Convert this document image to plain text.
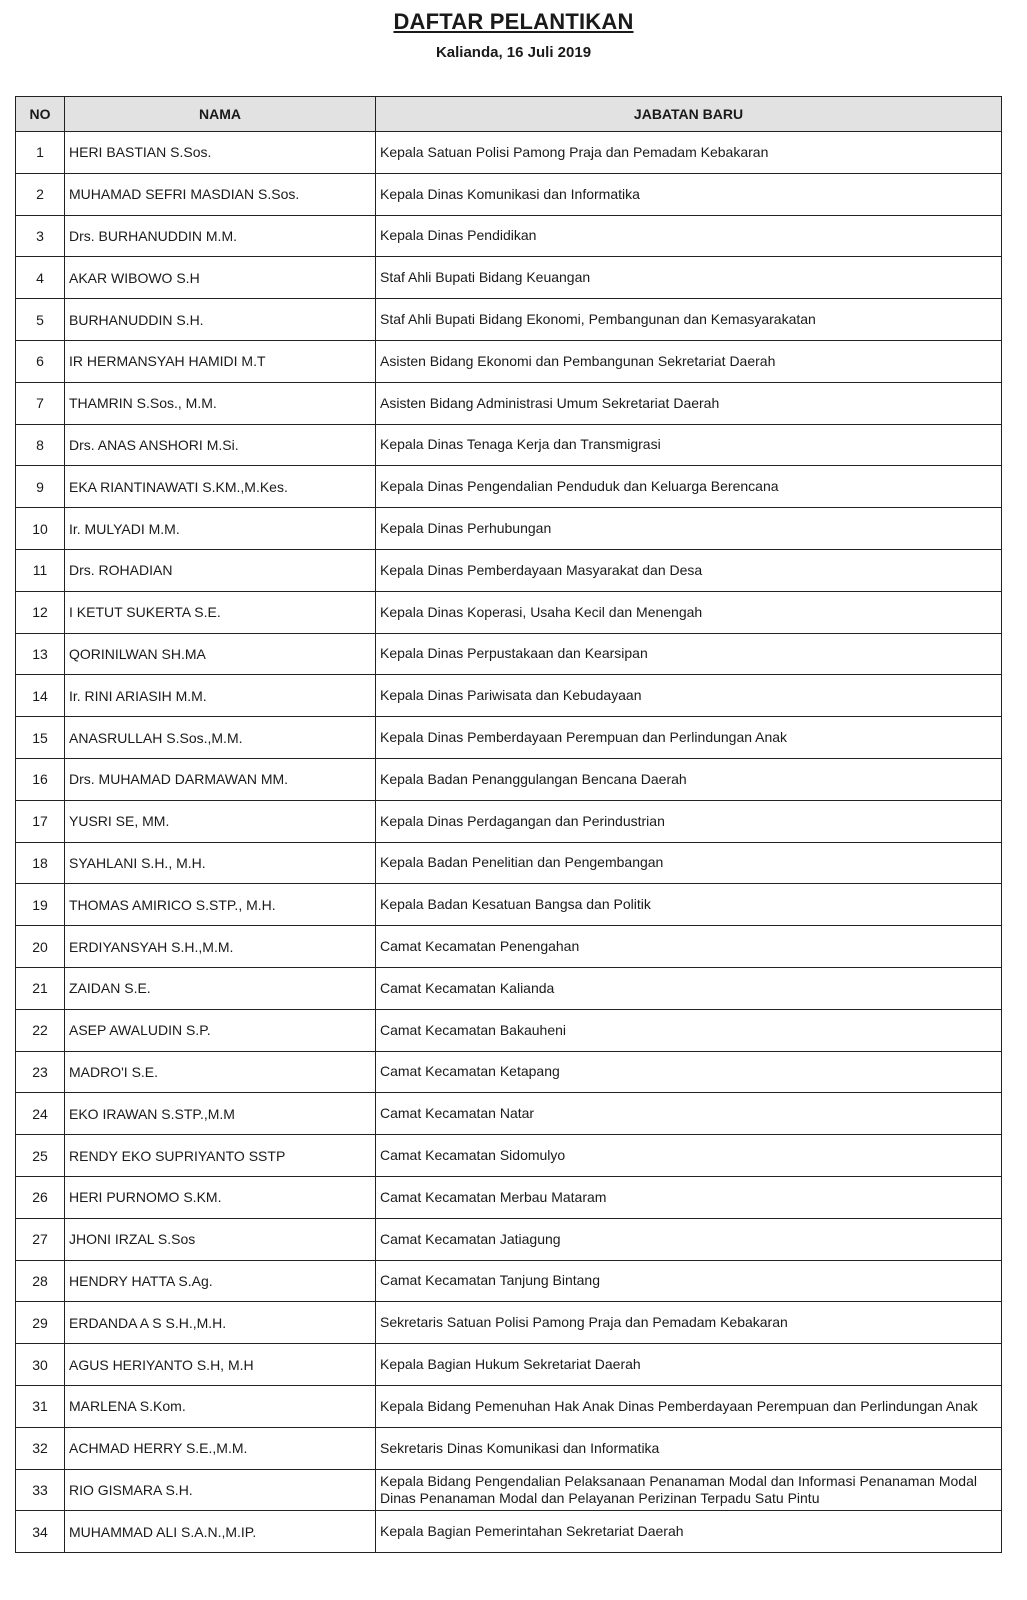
DAFTAR PELANTIKAN
Kalianda, 16 Juli 2019
NO	NAMA	JABATAN BARU
1	HERI BASTIAN S.Sos.	Kepala Satuan Polisi Pamong Praja dan Pemadam Kebakaran
2	MUHAMAD SEFRI MASDIAN S.Sos.	Kepala Dinas Komunikasi dan Informatika
3	Drs. BURHANUDDIN M.M.	Kepala Dinas Pendidikan
4	AKAR WIBOWO S.H	Staf Ahli Bupati Bidang Keuangan
5	BURHANUDDIN S.H.	Staf Ahli Bupati Bidang Ekonomi, Pembangunan dan Kemasyarakatan
6	IR HERMANSYAH HAMIDI M.T	Asisten Bidang Ekonomi dan Pembangunan Sekretariat Daerah
7	THAMRIN S.Sos., M.M.	Asisten Bidang Administrasi Umum Sekretariat Daerah
8	Drs. ANAS ANSHORI M.Si.	Kepala Dinas Tenaga Kerja dan Transmigrasi
9	EKA RIANTINAWATI S.KM.,M.Kes.	Kepala Dinas Pengendalian Penduduk dan Keluarga Berencana
10	Ir. MULYADI M.M.	Kepala Dinas Perhubungan
11	Drs. ROHADIAN	Kepala Dinas Pemberdayaan Masyarakat dan Desa
12	I KETUT SUKERTA S.E.	Kepala Dinas Koperasi, Usaha Kecil dan Menengah
13	QORINILWAN SH.MA	Kepala Dinas Perpustakaan dan Kearsipan
14	Ir. RINI ARIASIH M.M.	Kepala Dinas Pariwisata dan Kebudayaan
15	ANASRULLAH S.Sos.,M.M.	Kepala Dinas Pemberdayaan Perempuan dan Perlindungan Anak
16	Drs. MUHAMAD DARMAWAN MM.	Kepala Badan Penanggulangan Bencana Daerah
17	YUSRI SE, MM.	Kepala Dinas Perdagangan dan Perindustrian
18	SYAHLANI S.H., M.H.	Kepala Badan Penelitian dan Pengembangan
19	THOMAS AMIRICO S.STP., M.H.	Kepala Badan Kesatuan Bangsa dan Politik
20	ERDIYANSYAH S.H.,M.M.	Camat Kecamatan Penengahan
21	ZAIDAN S.E.	Camat Kecamatan Kalianda
22	ASEP AWALUDIN S.P.	Camat Kecamatan Bakauheni
23	MADRO'I S.E.	Camat Kecamatan Ketapang
24	EKO IRAWAN S.STP.,M.M	Camat Kecamatan Natar
25	RENDY EKO SUPRIYANTO SSTP	Camat Kecamatan Sidomulyo
26	HERI PURNOMO S.KM.	Camat Kecamatan Merbau Mataram
27	JHONI IRZAL S.Sos	Camat Kecamatan Jatiagung
28	HENDRY HATTA S.Ag.	Camat Kecamatan Tanjung Bintang
29	ERDANDA A S S.H.,M.H.	Sekretaris Satuan Polisi Pamong Praja dan Pemadam Kebakaran
30	AGUS HERIYANTO S.H, M.H	Kepala Bagian Hukum Sekretariat Daerah
31	MARLENA S.Kom.	Kepala Bidang Pemenuhan Hak Anak Dinas Pemberdayaan Perempuan dan Perlindungan Anak
32	ACHMAD HERRY S.E.,M.M.	Sekretaris Dinas Komunikasi dan Informatika
33	RIO GISMARA S.H.	Kepala Bidang Pengendalian Pelaksanaan Penanaman Modal dan Informasi Penanaman Modal Dinas Penanaman Modal dan Pelayanan Perizinan Terpadu Satu Pintu
34	MUHAMMAD ALI S.A.N.,M.IP.	Kepala Bagian Pemerintahan Sekretariat Daerah
